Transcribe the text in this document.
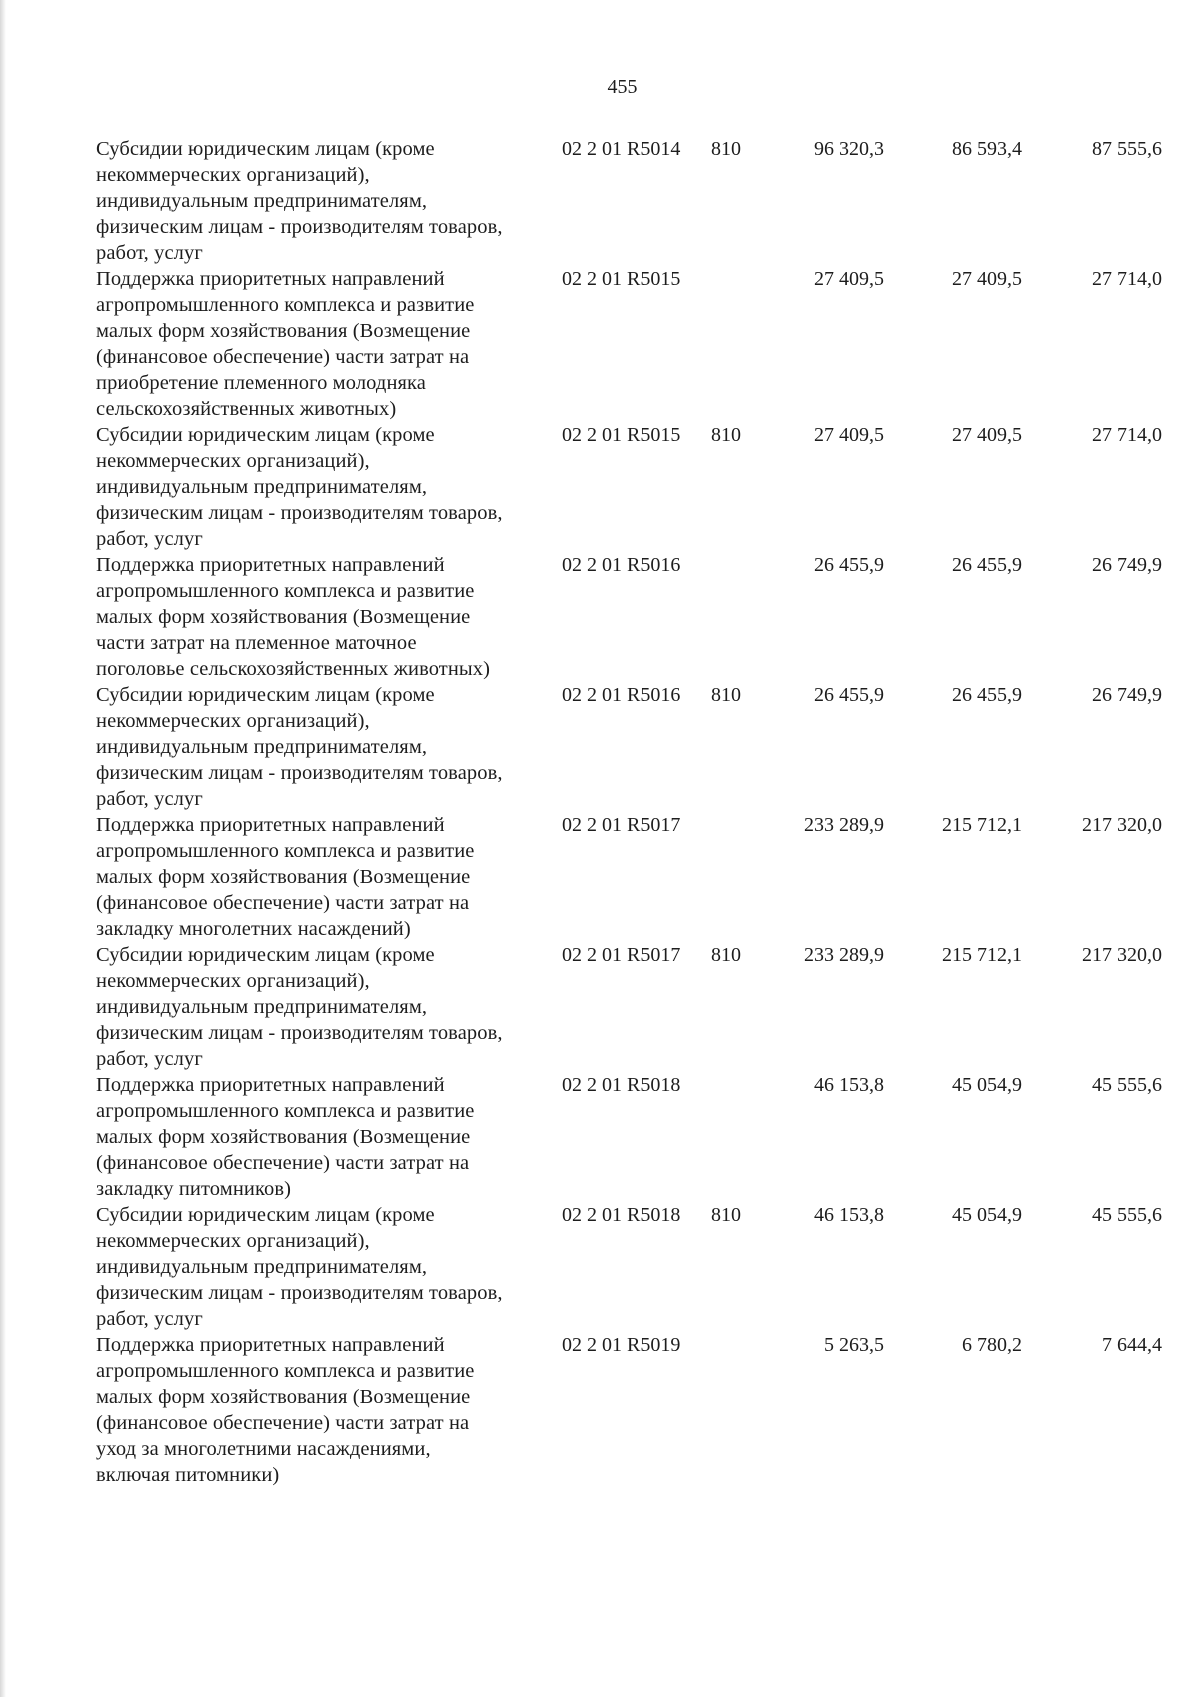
455
Субсидии юридическим лицам (кроме
некоммерческих организаций),
индивидуальным предпринимателям,
физическим лицам - производителям товаров,
работ, услуг
02 2 01 R5014 810	96 320,3	86 593,4	87 555,6
Поддержка приоритетных направлений
агропромышленного комплекса и развитие
малых форм хозяйствования (Возмещение
(финансовое обеспечение) части затрат на
приобретение племенного молодняка
сельскохозяйственных животных)
02 2 01 R5015	27 409,5	27 409,5	27 714,0
Субсидии юридическим лицам (кроме
некоммерческих организаций),
индивидуальным предпринимателям,
физическим лицам - производителям товаров,
работ, услуг
02 2 01 R5015 810	27 409,5	27 409,5	27 714,0
Поддержка приоритетных направлений
агропромышленного комплекса и развитие
малых форм хозяйствования (Возмещение
части затрат на племенное маточное
поголовье сельскохозяйственных животных)
02 2 01 R5016	26 455,9	26 455,9	26 749,9
Субсидии юридическим лицам (кроме
некоммерческих организаций),
индивидуальным предпринимателям,
физическим лицам - производителям товаров,
работ, услуг
02 2 01 R5016 810	26 455,9	26 455,9	26 749,9
Поддержка приоритетных направлений
агропромышленного комплекса и развитие
малых форм хозяйствования (Возмещение
(финансовое обеспечение) части затрат на
закладку многолетних насаждений)
02 2 01 R5017	233 289,9	215 712,1	217 320,0
Субсидии юридическим лицам (кроме
некоммерческих организаций),
индивидуальным предпринимателям,
физическим лицам - производителям товаров,
работ, услуг
02 2 01 R5017 810	233 289,9	215 712,1	217 320,0
Поддержка приоритетных направлений
агропромышленного комплекса и развитие
малых форм хозяйствования (Возмещение
(финансовое обеспечение) части затрат на
закладку питомников)
02 2 01 R5018	46 153,8	45 054,9	45 555,6
Субсидии юридическим лицам (кроме
некоммерческих организаций),
индивидуальным предпринимателям,
физическим лицам - производителям товаров,
работ, услуг
02 2 01 R5018 810	46 153,8	45 054,9	45 555,6
Поддержка приоритетных направлений
агропромышленного комплекса и развитие
малых форм хозяйствования (Возмещение
(финансовое обеспечение) части затрат на
уход за многолетними насаждениями,
включая питомники)
02 2 01 R5019	5 263,5	6 780,2	7 644,4
